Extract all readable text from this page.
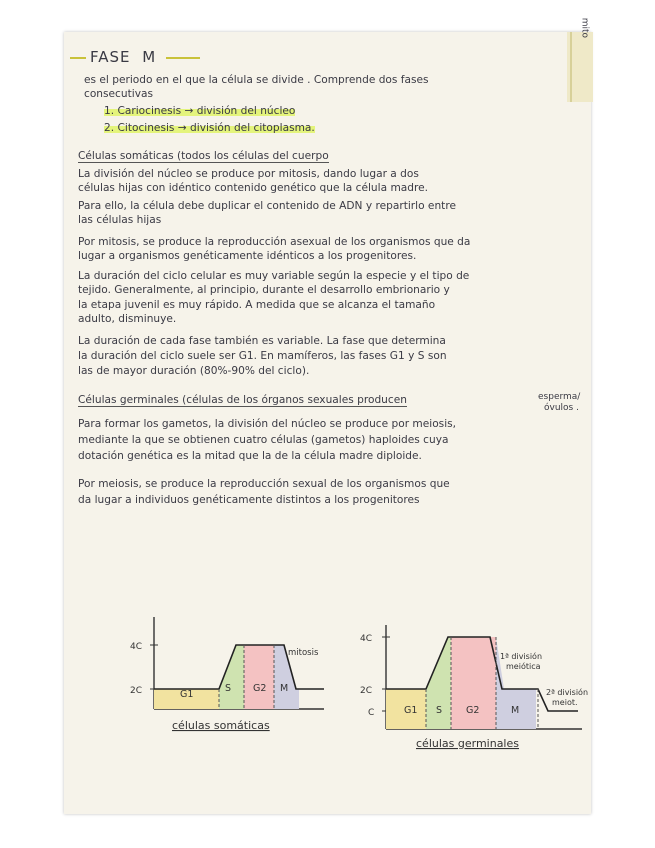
mito
FASE M
es el periodo en el que la célula se divide . Comprende dos fases
consecutivas
1. Cariocinesis → división del núcleo
2. Citocinesis → división del citoplasma.
Células somáticas (todos los células del cuerpo
La división del núcleo se produce por mitosis, dando lugar a dos
células hijas con idéntico contenido genético que la célula madre.
Para ello, la célula debe duplicar el contenido de ADN y repartirlo entre
las células hijas
Por mitosis, se produce la reproducción asexual de los organismos que da
lugar a organismos genéticamente idénticos a los progenitores.
La duración del ciclo celular es muy variable según la especie y el tipo de
tejido. Generalmente, al principio, durante el desarrollo embrionario y
la etapa juvenil es muy rápido. A medida que se alcanza el tamaño
adulto, disminuye.
La duración de cada fase también es variable. La fase que determina
la duración del ciclo suele ser G1. En mamíferos, las fases G1 y S son
las de mayor duración (80%-90% del ciclo).
Células germinales (células de los órganos sexuales producen	esperma/
óvulos .
Para formar los gametos, la división del núcleo se produce por meiosis,
mediante la que se obtienen cuatro células (gametos) haploides cuya
dotación genética es la mitad que la de la célula madre diploide.
Por meiosis, se produce la reproducción sexual de los organismos que
da lugar a individuos genéticamente distintos a los progenitores
4C
2C	G1
S G2 M
mitosis
células somáticas
4C
2C
C	G1 S	G2	M
1ª división
meiótica
2ª división
meiot.
células germinales
